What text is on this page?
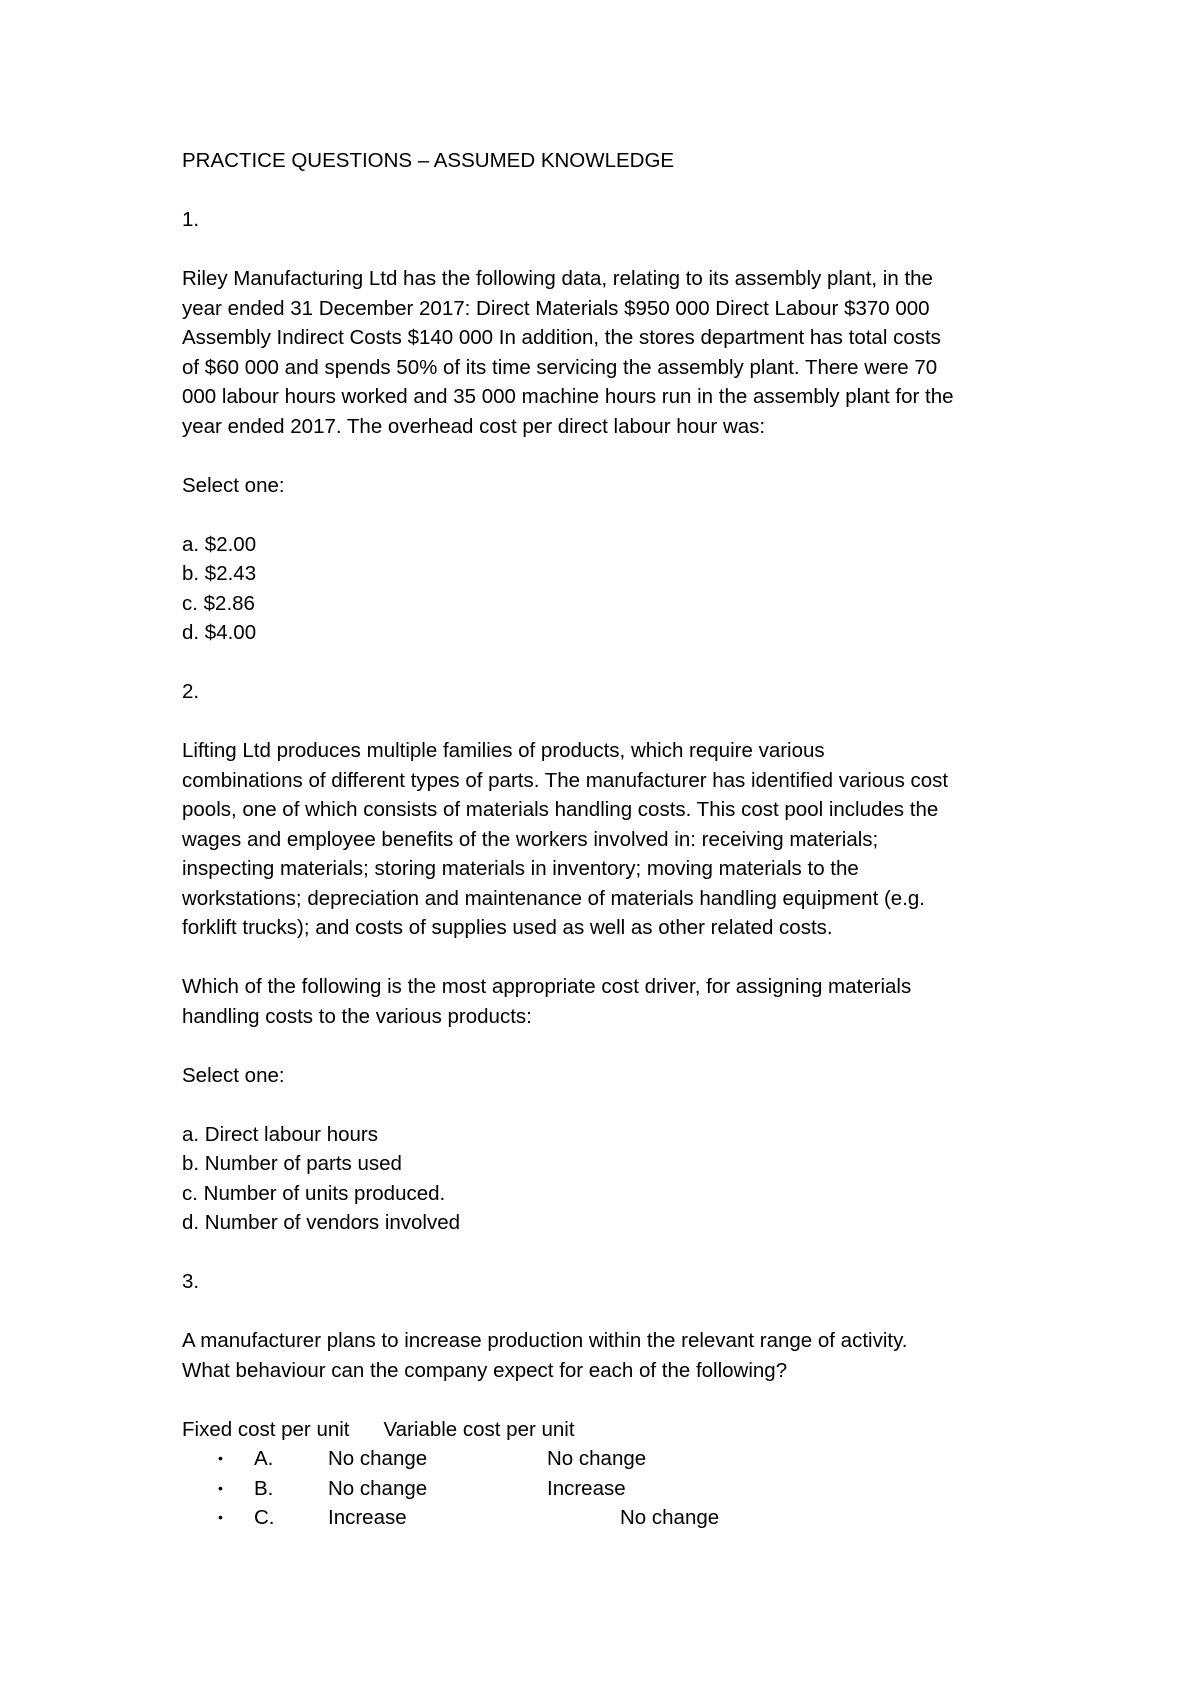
PRACTICE QUESTIONS – ASSUMED KNOWLEDGE
1.
Riley Manufacturing Ltd has the following data, relating to its assembly plant, in the
year ended 31 December 2017: Direct Materials $950 000 Direct Labour $370 000
Assembly Indirect Costs $140 000 In addition, the stores department has total costs
of $60 000 and spends 50% of its time servicing the assembly plant. There were 70
000 labour hours worked and 35 000 machine hours run in the assembly plant for the
year ended 2017. The overhead cost per direct labour hour was:
Select one:
a. $2.00
b. $2.43
c. $2.86
d. $4.00
2.
Lifting Ltd produces multiple families of products, which require various
combinations of different types of parts. The manufacturer has identified various cost
pools, one of which consists of materials handling costs. This cost pool includes the
wages and employee benefits of the workers involved in: receiving materials;
inspecting materials; storing materials in inventory; moving materials to the
workstations; depreciation and maintenance of materials handling equipment (e.g.
forklift trucks); and costs of supplies used as well as other related costs.
Which of the following is the most appropriate cost driver, for assigning materials
handling costs to the various products:
Select one:
a. Direct labour hours
b. Number of parts used
c. Number of units produced.
d. Number of vendors involved
3.
A manufacturer plans to increase production within the relevant range of activity.
What behaviour can the company expect for each of the following?
Fixed cost per unit Variable cost per unit
• A.	No change	No change
• B.	No change	Increase
• C.	Increase	No change
